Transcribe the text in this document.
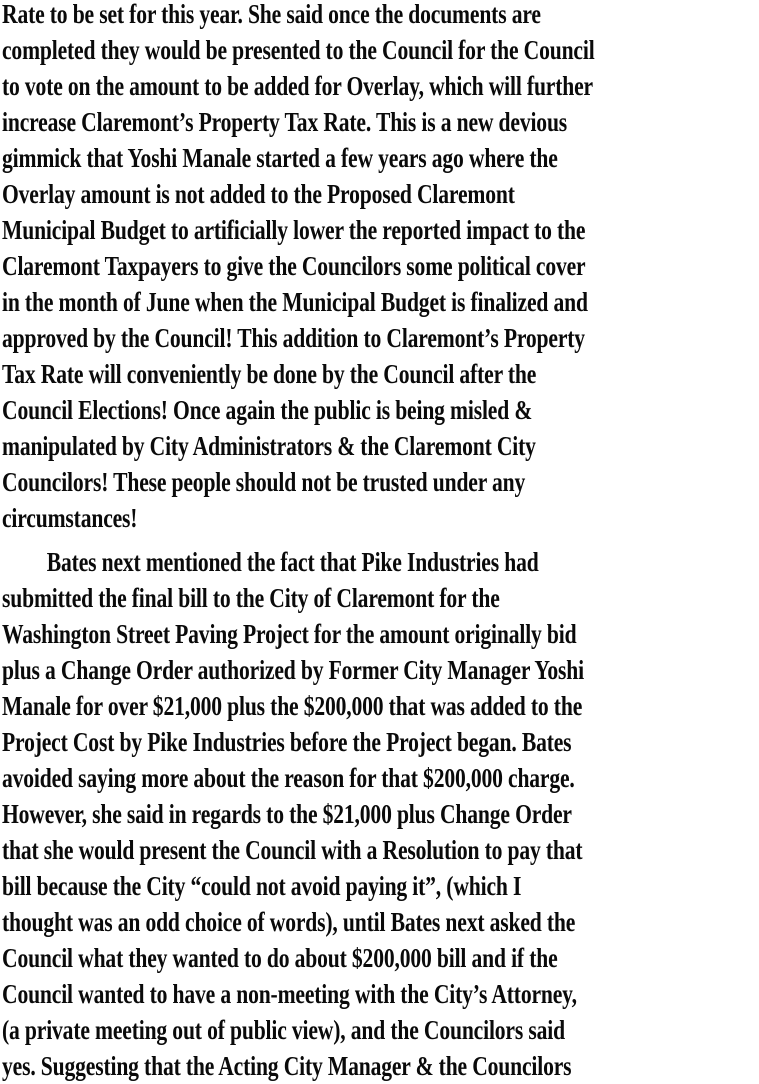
Rate to be set for this year. She said once the documents are
completed they would be presented to the Council for the Council
to vote on the amount to be added for Overlay, which will further
increase Claremont’s Property Tax Rate. This is a new devious
gimmick that Yoshi Manale started a few years ago where the
Overlay amount is not added to the Proposed Claremont
Municipal Budget to artificially lower the reported impact to the
Claremont Taxpayers to give the Councilors some political cover
in the month of June when the Municipal Budget is finalized and
approved by the Council! This addition to Claremont’s Property
Tax Rate will conveniently be done by the Council after the
Council Elections! Once again the public is being misled &
manipulated by City Administrators & the Claremont City
Councilors! These people should not be trusted under any
circumstances!
Bates next mentioned the fact that Pike Industries had
submitted the final bill to the City of Claremont for the
Washington Street Paving Project for the amount originally bid
plus a Change Order authorized by Former City Manager Yoshi
Manale for over $21,000 plus the $200,000 that was added to the
Project Cost by Pike Industries before the Project began. Bates
avoided saying more about the reason for that $200,000 charge.
However, she said in regards to the $21,000 plus Change Order
that she would present the Council with a Resolution to pay that
bill because the City “could not avoid paying it”, (which I
thought was an odd choice of words), until Bates next asked the
Council what they wanted to do about $200,000 bill and if the
Council wanted to have a non-meeting with the City’s Attorney,
(a private meeting out of public view), and the Councilors said
yes. Suggesting that the Acting City Manager & the Councilors
